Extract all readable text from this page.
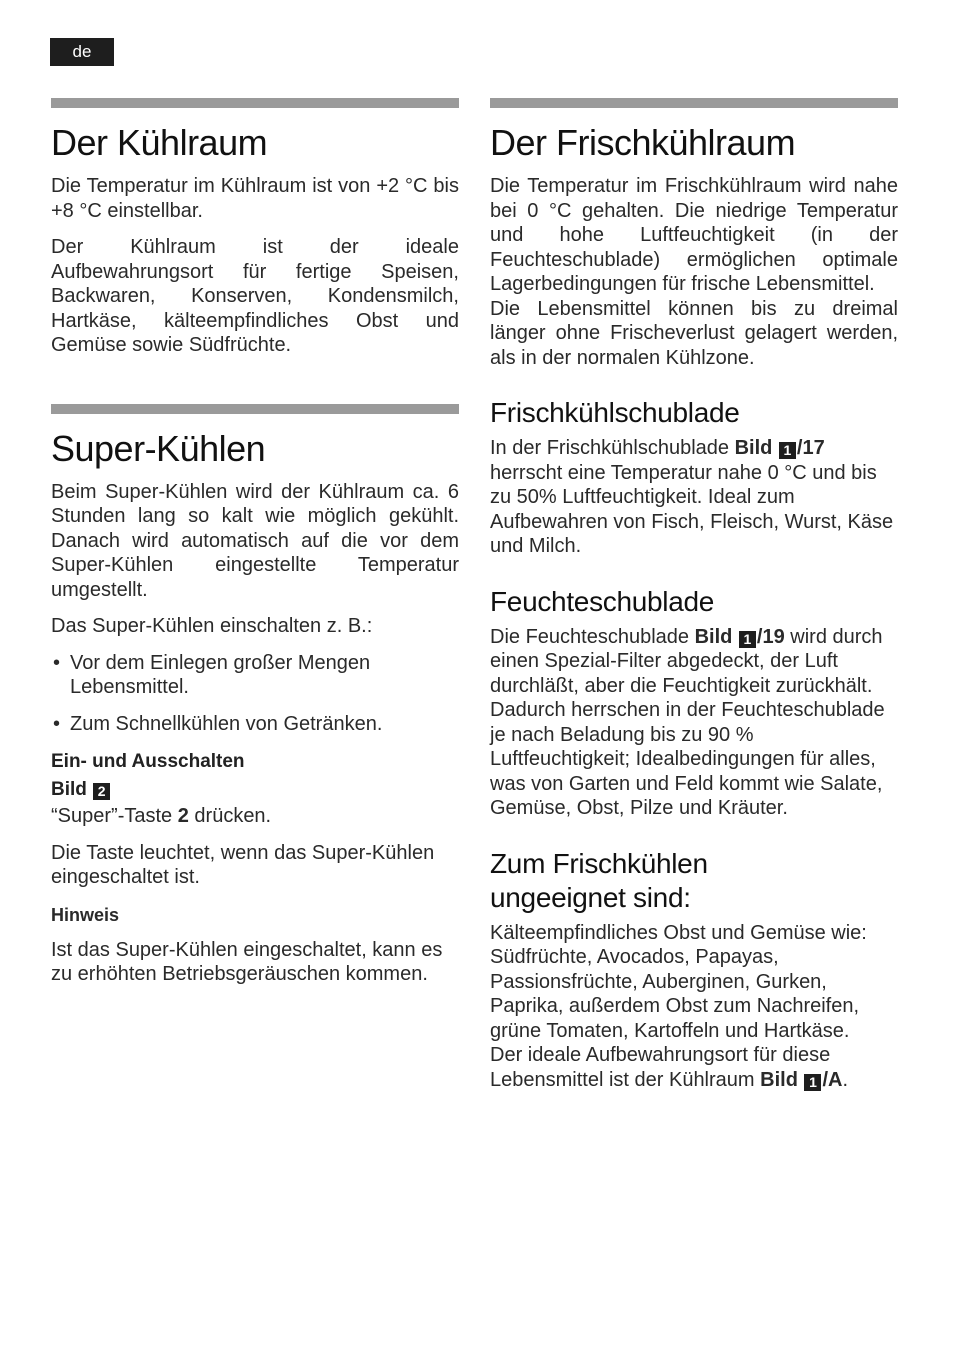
de
Der Kühlraum

Die Temperatur im Kühlraum ist von +2 °C bis +8 °C einstellbar.

Der Kühlraum ist der ideale Aufbewahrungsort für fertige Speisen, Backwaren, Konserven, Kondensmilch, Hartkäse, kälteempfindliches Obst und Gemüse sowie Südfrüchte.

Super-Kühlen

Beim Super-Kühlen wird der Kühlraum ca. 6 Stunden lang so kalt wie möglich gekühlt. Danach wird automatisch auf die vor dem Super-Kühlen eingestellte Temperatur umgestellt.

Das Super-Kühlen einschalten z. B.:

• Vor dem Einlegen großer Mengen Lebensmittel.
• Zum Schnellkühlen von Getränken.
Ein- und Ausschalten
Bild 2

“Super”-Taste 2 drücken.

Die Taste leuchtet, wenn das Super-Kühlen eingeschaltet ist.

Hinweis

Ist das Super-Kühlen eingeschaltet, kann es zu erhöhten Betriebsgeräuschen kommen.

Der Frischkühlraum

Die Temperatur im Frischkühlraum wird nahe bei 0 °C gehalten. Die niedrige Temperatur und hohe Luftfeuchtigkeit (in der Feuchteschublade) ermöglichen optimale Lagerbedingungen für frische Lebensmittel.

Die Lebensmittel können bis zu dreimal länger ohne Frischeverlust gelagert werden, als in der normalen Kühlzone.

Frischkühlschublade

In der Frischkühlschublade Bild 1 /17 herrscht eine Temperatur nahe 0 °C und bis zu 50% Luftfeuchtigkeit. Ideal zum Aufbewahren von Fisch, Fleisch, Wurst, Käse und Milch.

Feuchteschublade

Die Feuchteschublade Bild 1 /19 wird durch einen Spezial-Filter abgedeckt, der Luft durchläßt, aber die Feuchtigkeit zurückhält. Dadurch herrschen in der Feuchteschublade je nach Beladung bis zu 90 % Luftfeuchtigkeit; Idealbedingungen für alles, was von Garten und Feld kommt wie Salate, Gemüse, Obst, Pilze und Kräuter.

Zum Frischkühlen
ungeeignet sind:

Kälteempfindliches Obst und Gemüse wie: Südfrüchte, Avocados, Papayas, Passionsfrüchte, Auberginen, Gurken, Paprika, außerdem Obst zum Nachreifen, grüne Tomaten, Kartoffeln und Hartkäse.

Der ideale Aufbewahrungsort für diese Lebensmittel ist der Kühlraum Bild 1 /A.
